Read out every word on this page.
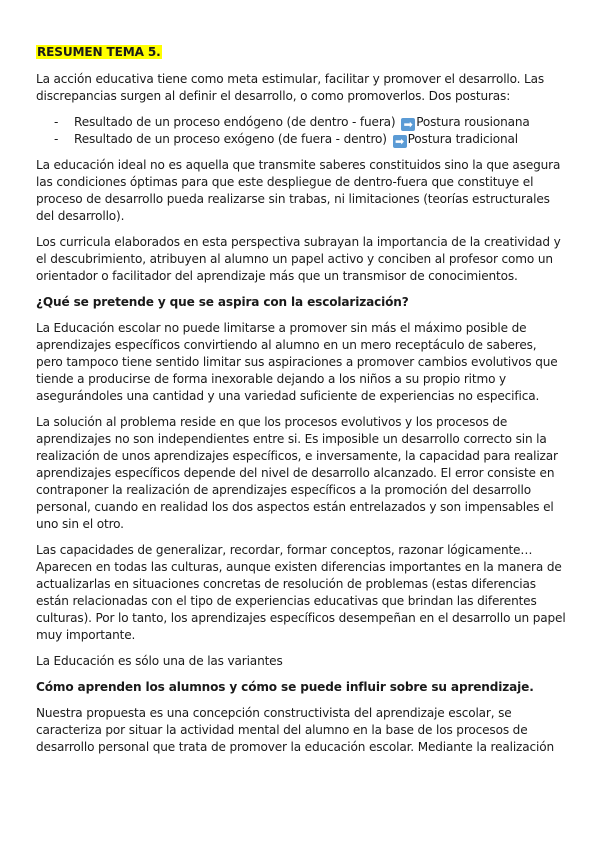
RESUMEN TEMA 5.

La acción educativa tiene como meta estimular, facilitar y promover el desarrollo. Las discrepancias surgen al definir el desarrollo, o como promoverlos. Dos posturas:

- Resultado de un proceso endógeno (de dentro - fuera) ➡ Postura rousionana
- Resultado de un proceso exógeno (de fuera - dentro) ➡ Postura tradicional

La educación ideal no es aquella que transmite saberes constituidos sino la que asegura las condiciones óptimas para que este despliegue de dentro-fuera que constituye el proceso de desarrollo pueda realizarse sin trabas, ni limitaciones (teorías estructurales del desarrollo).

Los curricula elaborados en esta perspectiva subrayan la importancia de la creatividad y el descubrimiento, atribuyen al alumno un papel activo y conciben al profesor como un orientador o facilitador del aprendizaje más que un transmisor de conocimientos.

¿Qué se pretende y que se aspira con la escolarización?

La Educación escolar no puede limitarse a promover sin más el máximo posible de aprendizajes específicos convirtiendo al alumno en un mero receptáculo de saberes, pero tampoco tiene sentido limitar sus aspiraciones a promover cambios evolutivos que tiende a producirse de forma inexorable dejando a los niños a su propio ritmo y asegurándoles una cantidad y una variedad suficiente de experiencias no especifica.

La solución al problema reside en que los procesos evolutivos y los procesos de aprendizajes no son independientes entre si. Es imposible un desarrollo correcto sin la realización de unos aprendizajes específicos, e inversamente, la capacidad para realizar aprendizajes específicos depende del nivel de desarrollo alcanzado. El error consiste en contraponer la realización de aprendizajes específicos a la promoción del desarrollo personal, cuando en realidad los dos aspectos están entrelazados y son impensables el uno sin el otro.

Las capacidades de generalizar, recordar, formar conceptos, razonar lógicamente… Aparecen en todas las culturas, aunque existen diferencias importantes en la manera de actualizarlas en situaciones concretas de resolución de problemas (estas diferencias están relacionadas con el tipo de experiencias educativas que brindan las diferentes culturas). Por lo tanto, los aprendizajes específicos desempeñan en el desarrollo un papel muy importante.

La Educación es sólo una de las variantes

Cómo aprenden los alumnos y cómo se puede influir sobre su aprendizaje.

Nuestra propuesta es una concepción constructivista del aprendizaje escolar, se caracteriza por situar la actividad mental del alumno en la base de los procesos de desarrollo personal que trata de promover la educación escolar. Mediante la realización
